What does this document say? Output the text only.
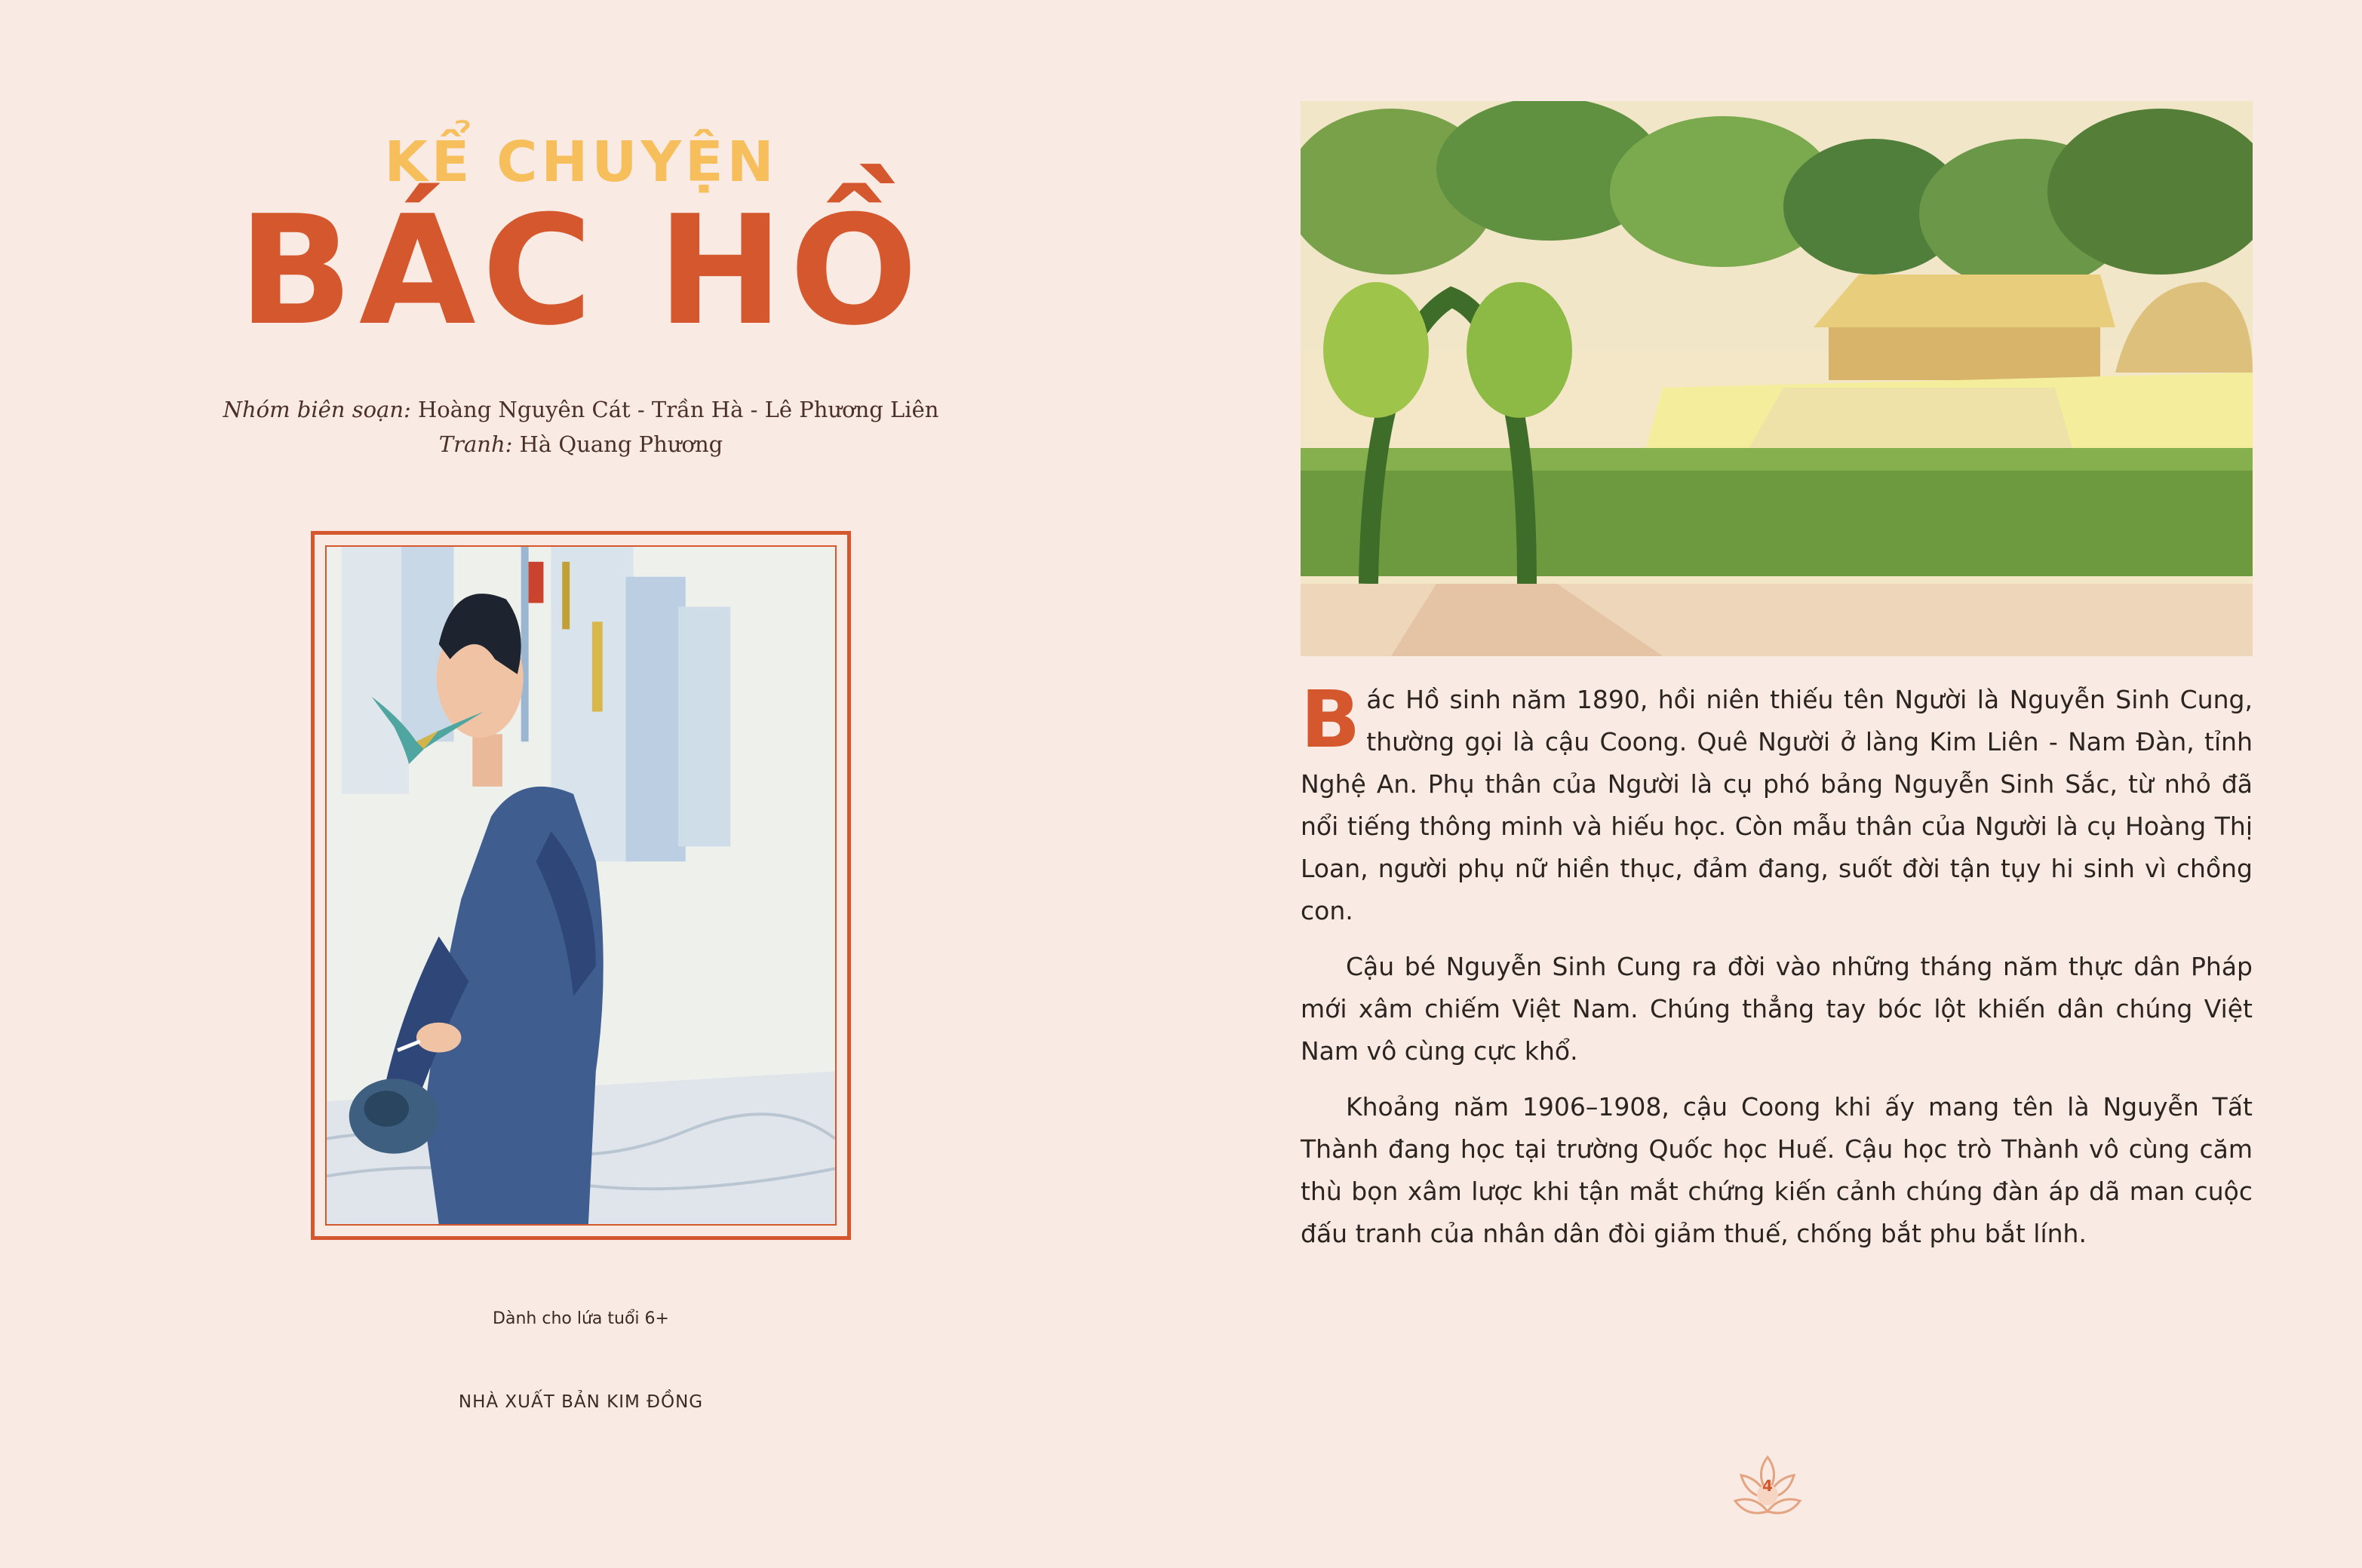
KỂ CHUYỆN
BÁC HỒ
Nhóm biên soạn: Hoàng Nguyên Cát - Trần Hà - Lê Phương Liên
Tranh: Hà Quang Phương
Dành cho lứa tuổi 6+
NHÀ XUẤT BẢN KIM ĐỒNG

Bác Hồ sinh năm 1890, hồi niên thiếu tên Người là Nguyễn Sinh Cung, thường gọi là cậu Coong. Quê Người ở làng Kim Liên - Nam Đàn, tỉnh Nghệ An. Phụ thân của Người là cụ phó bảng Nguyễn Sinh Sắc, từ nhỏ đã nổi tiếng thông minh và hiếu học. Còn mẫu thân của Người là cụ Hoàng Thị Loan, người phụ nữ hiền thục, đảm đang, suốt đời tận tụy hi sinh vì chồng con.

Cậu bé Nguyễn Sinh Cung ra đời vào những tháng năm thực dân Pháp mới xâm chiếm Việt Nam. Chúng thẳng tay bóc lột khiến dân chúng Việt Nam vô cùng cực khổ.

Khoảng năm 1906–1908, cậu Coong khi ấy mang tên là Nguyễn Tất Thành đang học tại trường Quốc học Huế. Cậu học trò Thành vô cùng căm thù bọn xâm lược khi tận mắt chứng kiến cảnh chúng đàn áp dã man cuộc đấu tranh của nhân dân đòi giảm thuế, chống bắt phu bắt lính.

4
